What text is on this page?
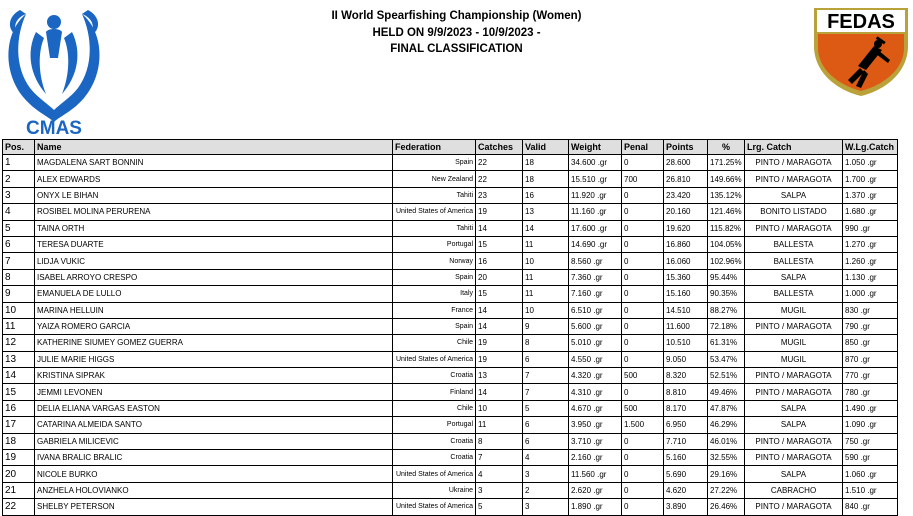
CMAS
II World Spearfishing Championship (Women)
HELD ON 9/9/2023 - 10/9/2023 -
FINAL CLASSIFICATION
FEDAS
Pos.	Name	Federation	Catches	Valid	Weight	Penal	Points	%	Lrg. Catch	W.Lg.Catch
1	MAGDALENA SART BONNIN	Spain	22	18	34.600 .gr	0	28.600	171.25%	PINTO / MARAGOTA	1.050 .gr
2	ALEX EDWARDS	New Zealand	22	18	15.510 .gr	700	26.810	149.66%	PINTO / MARAGOTA	1.700 .gr
3	ONYX LE BIHAN	Tahiti	23	16	11.920 .gr	0	23.420	135.12%	SALPA	1.370 .gr
4	ROSIBEL MOLINA PERURENA	United States of America	19	13	11.160 .gr	0	20.160	121.46%	BONITO LISTADO	1.680 .gr
5	TAINA ORTH	Tahiti	14	14	17.600 .gr	0	19.620	115.82%	PINTO / MARAGOTA	990 .gr
6	TERESA DUARTE	Portugal	15	11	14.690 .gr	0	16.860	104.05%	BALLESTA	1.270 .gr
7	LIDJA VUKIC	Norway	16	10	8.560 .gr	0	16.060	102.96%	BALLESTA	1.260 .gr
8	ISABEL ARROYO CRESPO	Spain	20	11	7.360 .gr	0	15.360	95.44%	SALPA	1.130 .gr
9	EMANUELA DE LULLO	Italy	15	11	7.160 .gr	0	15.160	90.35%	BALLESTA	1.000 .gr
10	MARINA HELLUIN	France	14	10	6.510 .gr	0	14.510	88.27%	MUGIL	830 .gr
11	YAIZA ROMERO GARCIA	Spain	14	9	5.600 .gr	0	11.600	72.18%	PINTO / MARAGOTA	790 .gr
12	KATHERINE SIUMEY GOMEZ GUERRA	Chile	19	8	5.010 .gr	0	10.510	61.31%	MUGIL	850 .gr
13	JULIE MARIE HIGGS	United States of America	19	6	4.550 .gr	0	9.050	53.47%	MUGIL	870 .gr
14	KRISTINA SIPRAK	Croatia	13	7	4.320 .gr	500	8.320	52.51%	PINTO / MARAGOTA	770 .gr
15	JEMMI LEVONEN	Finland	14	7	4.310 .gr	0	8.810	49.46%	PINTO / MARAGOTA	780 .gr
16	DELIA ELIANA VARGAS EASTON	Chile	10	5	4.670 .gr	500	8.170	47.87%	SALPA	1.490 .gr
17	CATARINA ALMEIDA SANTO	Portugal	11	6	3.950 .gr	1.500	6.950	46.29%	SALPA	1.090 .gr
18	GABRIELA MILICEVIC	Croatia	8	6	3.710 .gr	0	7.710	46.01%	PINTO / MARAGOTA	750 .gr
19	IVANA BRALIC BRALIC	Croatia	7	4	2.160 .gr	0	5.160	32.55%	PINTO / MARAGOTA	590 .gr
20	NICOLE BURKO	United States of America	4	3	11.560 .gr	0	5.690	29.16%	SALPA	1.060 .gr
21	ANZHELA HOLOVIANKO	Ukraine	3	2	2.620 .gr	0	4.620	27.22%	CABRACHO	1.510 .gr
22	SHELBY PETERSON	United States of America	5	3	1.890 .gr	0	3.890	26.46%	PINTO / MARAGOTA	840 .gr
